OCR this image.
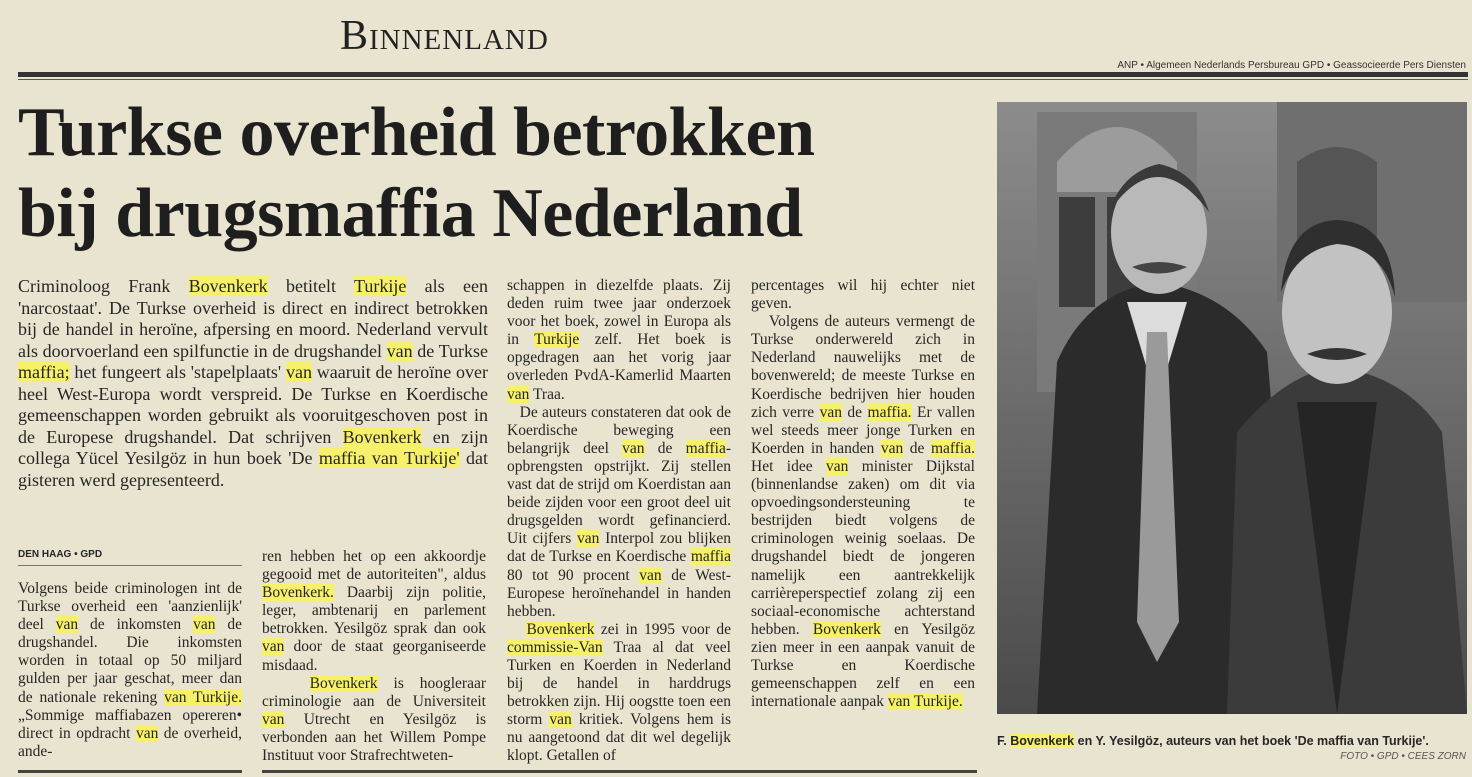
Binnenland
ANP • Algemeen Nederlands Persbureau GPD • Geassocieerde Pers Diensten
Turkse overheid betrokken
bij drugsmaffia Nederland
Criminoloog Frank Bovenkerk betitelt Turkije als een 'narcostaat'. De Turkse overheid is direct en indirect betrokken bij de handel in heroïne, afpersing en moord. Nederland vervult als doorvoerland een spilfunctie in de drugshandel van de Turkse maffia; het fungeert als 'stapelplaats' van waaruit de heroïne over heel West-Europa wordt verspreid. De Turkse en Koerdische gemeenschappen worden gebruikt als vooruitgeschoven post in de Europese drugshandel. Dat schrijven Bovenkerk en zijn collega Yücel Yesilgöz in hun boek 'De maffia van Turkije' dat gisteren werd gepresenteerd.
DEN HAAG • GPD
Volgens beide criminologen int de Turkse overheid een 'aanzienlijk' deel van de inkomsten van de drugshandel. Die inkomsten worden in totaal op 50 miljard gulden per jaar geschat, meer dan de nationale rekening van Turkije. „Sommige maffiabazen opereren• direct in opdracht van de overheid, ande-
ren hebben het op een akkoordje gegooid met de autoriteiten", aldus Bovenkerk. Daarbij zijn politie, leger, ambtenarij en parlement betrokken. Yesilgöz sprak dan ook van door de staat georganiseerde misdaad.
Bovenkerk is hoogleraar criminologie aan de Universiteit van Utrecht en Yesilgöz is verbonden aan het Willem Pompe Instituut voor Strafrechtweten-
schappen in diezelfde plaats. Zij deden ruim twee jaar onderzoek voor het boek, zowel in Europa als in Turkije zelf. Het boek is opgedragen aan het vorig jaar overleden PvdA-Kamerlid Maarten van Traa.
De auteurs constateren dat ook de Koerdische beweging een belangrijk deel van de maffia-opbrengsten opstrijkt. Zij stellen vast dat de strijd om Koerdistan aan beide zijden voor een groot deel uit drugsgelden wordt gefinancierd. Uit cijfers van Interpol zou blijken dat de Turkse en Koerdische maffia 80 tot 90 procent van de West-Europese heroïnehandel in handen hebben.
Bovenkerk zei in 1995 voor de commissie-Van Traa al dat veel Turken en Koerden in Nederland bij de handel in harddrugs betrokken zijn. Hij oogstte toen een storm van kritiek. Volgens hem is nu aangetoond dat dit wel degelijk klopt. Getallen of
percentages wil hij echter niet geven.
Volgens de auteurs vermengt de Turkse onderwereld zich in Nederland nauwelijks met de bovenwereld; de meeste Turkse en Koerdische bedrijven hier houden zich verre van de maffia. Er vallen wel steeds meer jonge Turken en Koerden in handen van de maffia. Het idee van minister Dijkstal (binnenlandse zaken) om dit via opvoedingsondersteuning te bestrijden biedt volgens de criminologen weinig soelaas. De drugshandel biedt de jongeren namelijk een aantrekkelijk carrièreperspectief zolang zij een sociaal-economische achterstand hebben. Bovenkerk en Yesilgöz zien meer in een aanpak vanuit de Turkse en Koerdische gemeenschappen zelf en een internationale aanpak van Turkije.
F. Bovenkerk en Y. Yesilgöz, auteurs van het boek 'De maffia van Turkije'.
FOTO • GPD • CEES ZORN
